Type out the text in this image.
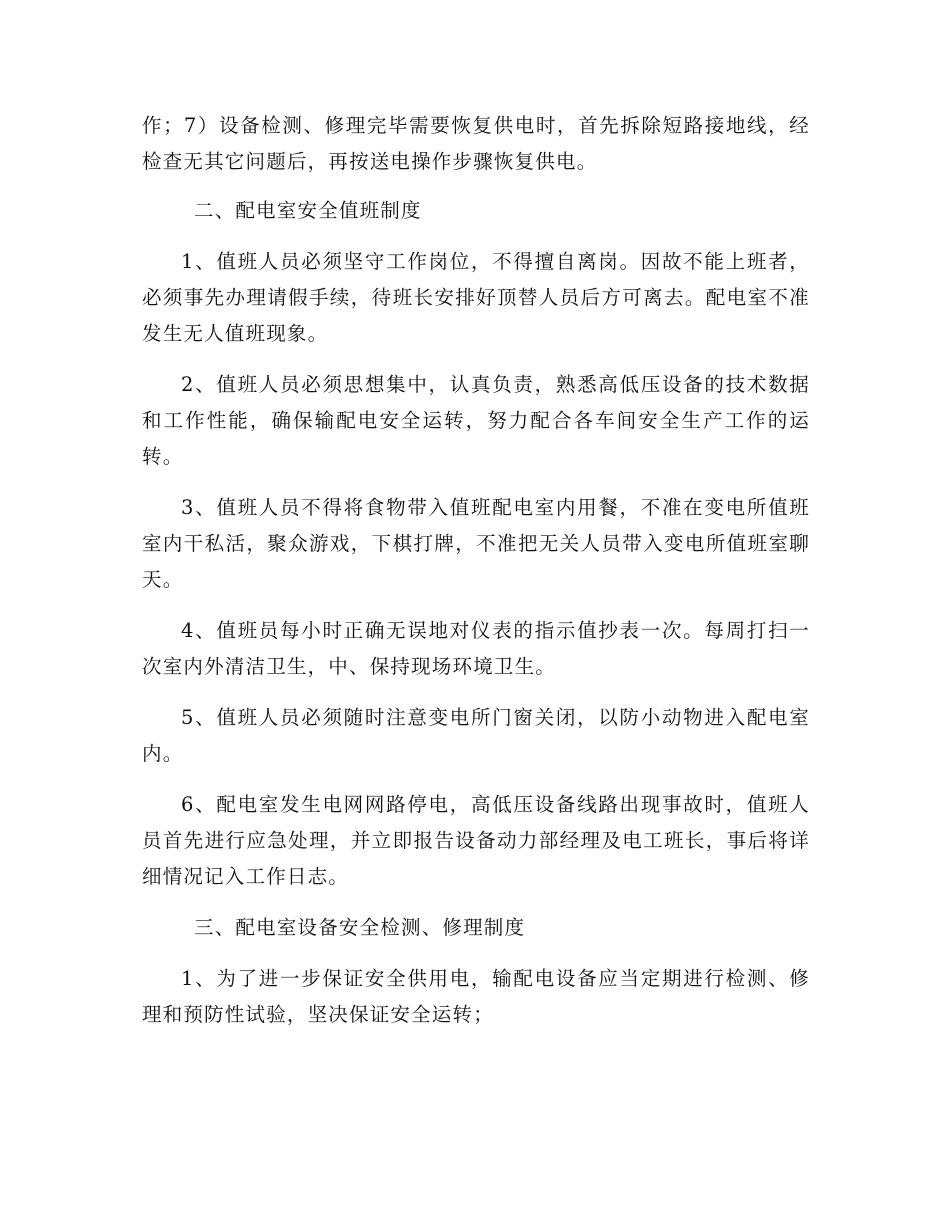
作；7）设备检测、修理完毕需要恢复供电时，首先拆除短路接地线，经检查无其它问题后，再按送电操作步骤恢复供电。

二、配电室安全值班制度

1、值班人员必须坚守工作岗位，不得擅自离岗。因故不能上班者，必须事先办理请假手续，待班长安排好顶替人员后方可离去。配电室不准发生无人值班现象。

2、值班人员必须思想集中，认真负责，熟悉高低压设备的技术数据和工作性能，确保输配电安全运转，努力配合各车间安全生产工作的运转。

3、值班人员不得将食物带入值班配电室内用餐，不准在变电所值班室内干私活，聚众游戏，下棋打牌，不准把无关人员带入变电所值班室聊天。

4、值班员每小时正确无误地对仪表的指示值抄表一次。每周打扫一次室内外清洁卫生，中、保持现场环境卫生。

5、值班人员必须随时注意变电所门窗关闭，以防小动物进入配电室内。

6、配电室发生电网网路停电，高低压设备线路出现事故时，值班人员首先进行应急处理，并立即报告设备动力部经理及电工班长，事后将详细情况记入工作日志。

三、配电室设备安全检测、修理制度

1、为了进一步保证安全供用电，输配电设备应当定期进行检测、修理和预防性试验，坚决保证安全运转；
